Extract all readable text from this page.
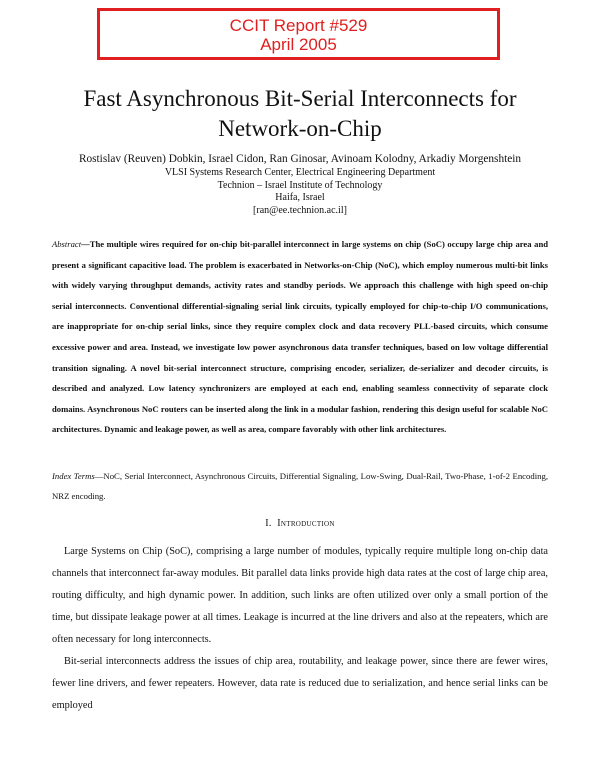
CCIT Report #529
April 2005
Fast Asynchronous Bit-Serial Interconnects for
Network-on-Chip
Rostislav (Reuven) Dobkin, Israel Cidon, Ran Ginosar, Avinoam Kolodny, Arkadiy Morgenshtein
VLSI Systems Research Center, Electrical Engineering Department
Technion – Israel Institute of Technology
Haifa, Israel
[ran@ee.technion.ac.il]
Abstract—The multiple wires required for on-chip bit-parallel interconnect in large systems on chip (SoC) occupy large chip area and present a significant capacitive load. The problem is exacerbated in Networks-on-Chip (NoC), which employ numerous multi-bit links with widely varying throughput demands, activity rates and standby periods. We approach this challenge with high speed on-chip serial interconnects. Conventional differential-signaling serial link circuits, typically employed for chip-to-chip I/O communications, are inappropriate for on-chip serial links, since they require complex clock and data recovery PLL-based circuits, which consume excessive power and area. Instead, we investigate low power asynchronous data transfer techniques, based on low voltage differential transition signaling. A novel bit-serial interconnect structure, comprising encoder, serializer, de-serializer and decoder circuits, is described and analyzed. Low latency synchronizers are employed at each end, enabling seamless connectivity of separate clock domains. Asynchronous NoC routers can be inserted along the link in a modular fashion, rendering this design useful for scalable NoC architectures. Dynamic and leakage power, as well as area, compare favorably with other link architectures.
Index Terms—NoC, Serial Interconnect, Asynchronous Circuits, Differential Signaling, Low-Swing, Dual-Rail, Two-Phase, 1-of-2 Encoding, NRZ encoding.
I. Introduction

Large Systems on Chip (SoC), comprising a large number of modules, typically require multiple long on-chip data channels that interconnect far-away modules. Bit parallel data links provide high data rates at the cost of large chip area, routing difficulty, and high dynamic power. In addition, such links are often utilized over only a small portion of the time, but dissipate leakage power at all times. Leakage is incurred at the line drivers and also at the repeaters, which are often necessary for long interconnects.

Bit-serial interconnects address the issues of chip area, routability, and leakage power, since there are fewer wires, fewer line drivers, and fewer repeaters. However, data rate is reduced due to serialization, and hence serial links can be employed
